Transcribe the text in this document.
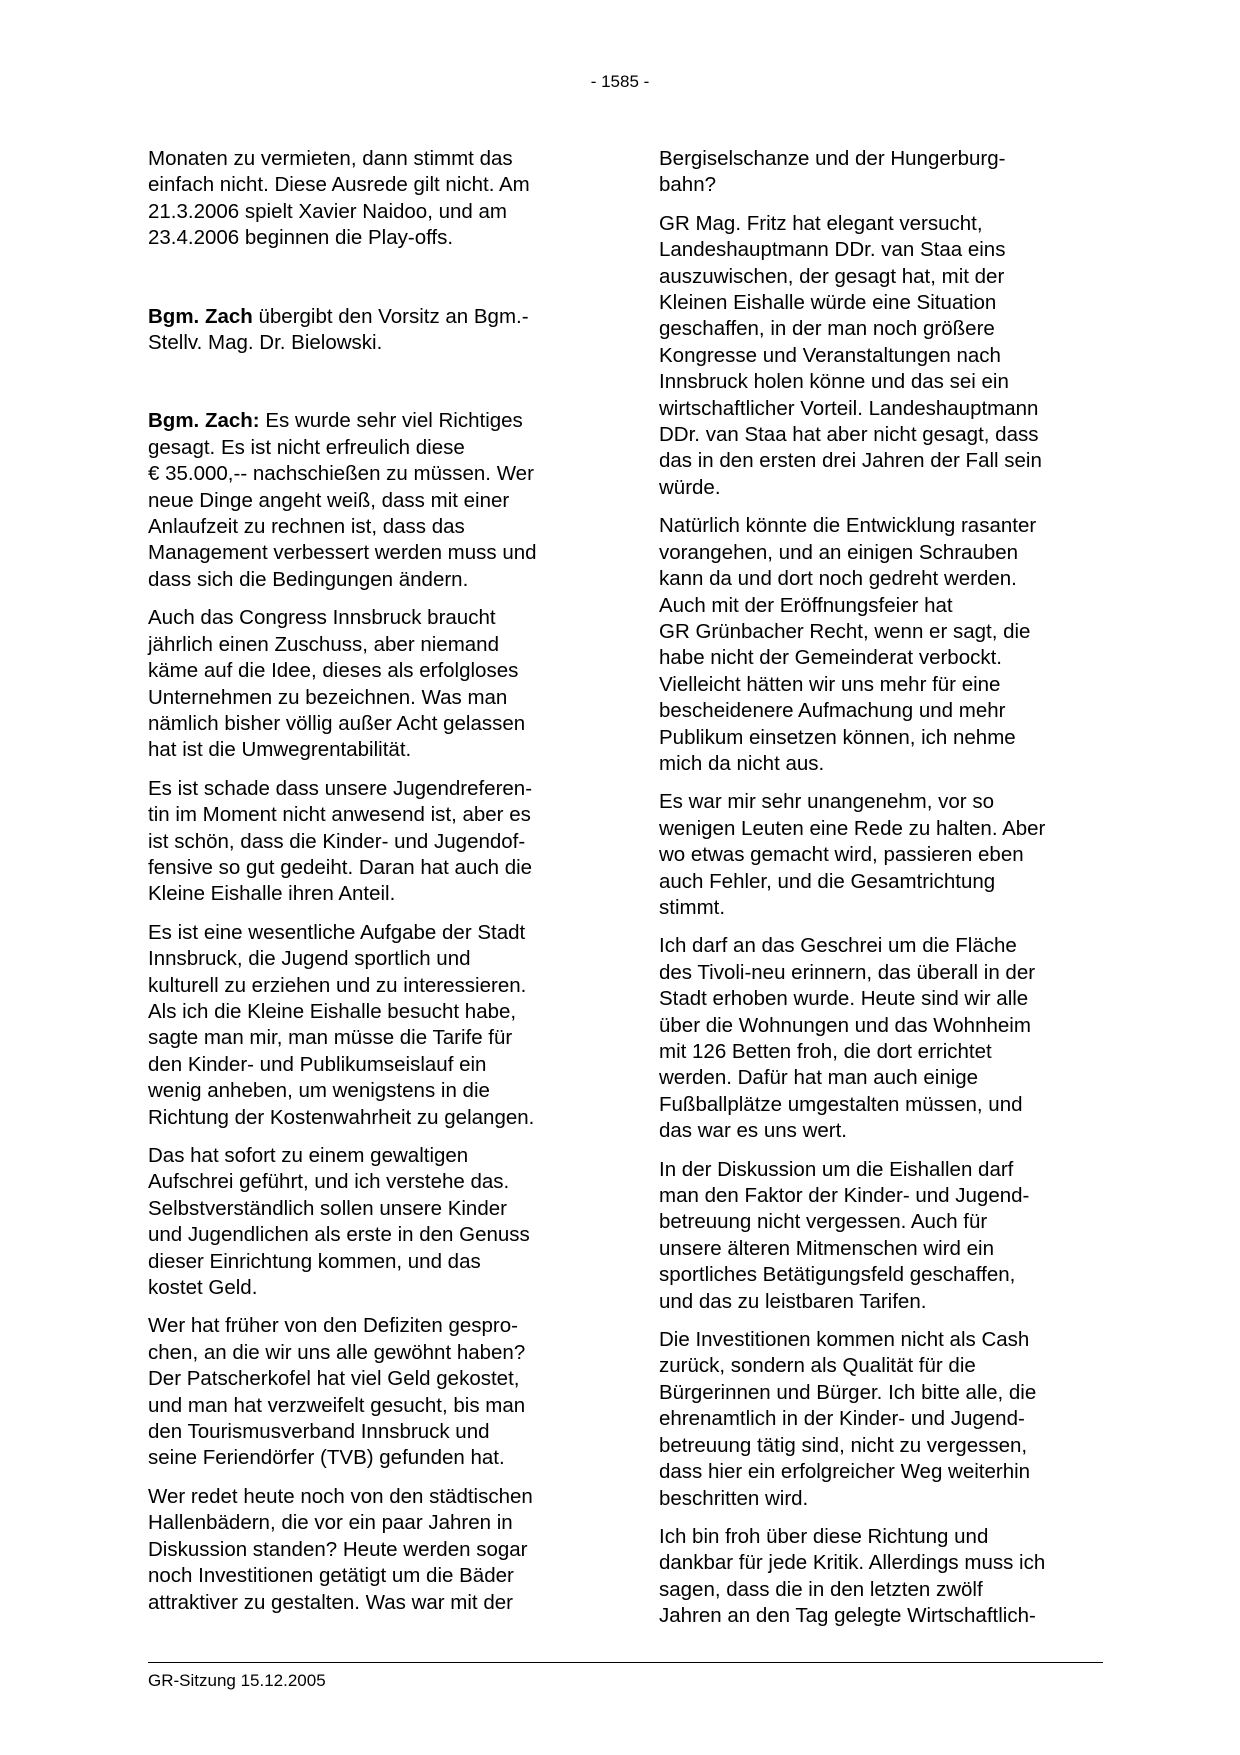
- 1585 -

Monaten zu vermieten, dann stimmt das
einfach nicht. Diese Ausrede gilt nicht. Am
21.3.2006 spielt Xavier Naidoo, und am
23.4.2006 beginnen die Play-offs.

Bgm. Zach übergibt den Vorsitz an Bgm.-
Stellv. Mag. Dr. Bielowski.

Bgm. Zach: Es wurde sehr viel Richtiges
gesagt. Es ist nicht erfreulich diese
€ 35.000,-- nachschießen zu müssen. Wer
neue Dinge angeht weiß, dass mit einer
Anlaufzeit zu rechnen ist, dass das
Management verbessert werden muss und
dass sich die Bedingungen ändern.

Auch das Congress Innsbruck braucht
jährlich einen Zuschuss, aber niemand
käme auf die Idee, dieses als erfolgloses
Unternehmen zu bezeichnen. Was man
nämlich bisher völlig außer Acht gelassen
hat ist die Umwegrentabilität.

Es ist schade dass unsere Jugendreferen-
tin im Moment nicht anwesend ist, aber es
ist schön, dass die Kinder- und Jugendof-
fensive so gut gedeiht. Daran hat auch die
Kleine Eishalle ihren Anteil.

Es ist eine wesentliche Aufgabe der Stadt
Innsbruck, die Jugend sportlich und
kulturell zu erziehen und zu interessieren.
Als ich die Kleine Eishalle besucht habe,
sagte man mir, man müsse die Tarife für
den Kinder- und Publikumseislauf ein
wenig anheben, um wenigstens in die
Richtung der Kostenwahrheit zu gelangen.

Das hat sofort zu einem gewaltigen
Aufschrei geführt, und ich verstehe das.
Selbstverständlich sollen unsere Kinder
und Jugendlichen als erste in den Genuss
dieser Einrichtung kommen, und das
kostet Geld.

Wer hat früher von den Defiziten gespro-
chen, an die wir uns alle gewöhnt haben?
Der Patscherkofel hat viel Geld gekostet,
und man hat verzweifelt gesucht, bis man
den Tourismusverband Innsbruck und
seine Feriendörfer (TVB) gefunden hat.

Wer redet heute noch von den städtischen
Hallenbädern, die vor ein paar Jahren in
Diskussion standen? Heute werden sogar
noch Investitionen getätigt um die Bäder
attraktiver zu gestalten. Was war mit der

Bergiselschanze und der Hungerburg-
bahn?

GR Mag. Fritz hat elegant versucht,
Landeshauptmann DDr. van Staa eins
auszuwischen, der gesagt hat, mit der
Kleinen Eishalle würde eine Situation
geschaffen, in der man noch größere
Kongresse und Veranstaltungen nach
Innsbruck holen könne und das sei ein
wirtschaftlicher Vorteil. Landeshauptmann
DDr. van Staa hat aber nicht gesagt, dass
das in den ersten drei Jahren der Fall sein
würde.

Natürlich könnte die Entwicklung rasanter
vorangehen, und an einigen Schrauben
kann da und dort noch gedreht werden.
Auch mit der Eröffnungsfeier hat
GR Grünbacher Recht, wenn er sagt, die
habe nicht der Gemeinderat verbockt.
Vielleicht hätten wir uns mehr für eine
bescheidenere Aufmachung und mehr
Publikum einsetzen können, ich nehme
mich da nicht aus.

Es war mir sehr unangenehm, vor so
wenigen Leuten eine Rede zu halten. Aber
wo etwas gemacht wird, passieren eben
auch Fehler, und die Gesamtrichtung
stimmt.

Ich darf an das Geschrei um die Fläche
des Tivoli-neu erinnern, das überall in der
Stadt erhoben wurde. Heute sind wir alle
über die Wohnungen und das Wohnheim
mit 126 Betten froh, die dort errichtet
werden. Dafür hat man auch einige
Fußballplätze umgestalten müssen, und
das war es uns wert.

In der Diskussion um die Eishallen darf
man den Faktor der Kinder- und Jugend-
betreuung nicht vergessen. Auch für
unsere älteren Mitmenschen wird ein
sportliches Betätigungsfeld geschaffen,
und das zu leistbaren Tarifen.

Die Investitionen kommen nicht als Cash
zurück, sondern als Qualität für die
Bürgerinnen und Bürger. Ich bitte alle, die
ehrenamtlich in der Kinder- und Jugend-
betreuung tätig sind, nicht zu vergessen,
dass hier ein erfolgreicher Weg weiterhin
beschritten wird.

Ich bin froh über diese Richtung und
dankbar für jede Kritik. Allerdings muss ich
sagen, dass die in den letzten zwölf
Jahren an den Tag gelegte Wirtschaftlich-

GR-Sitzung 15.12.2005
